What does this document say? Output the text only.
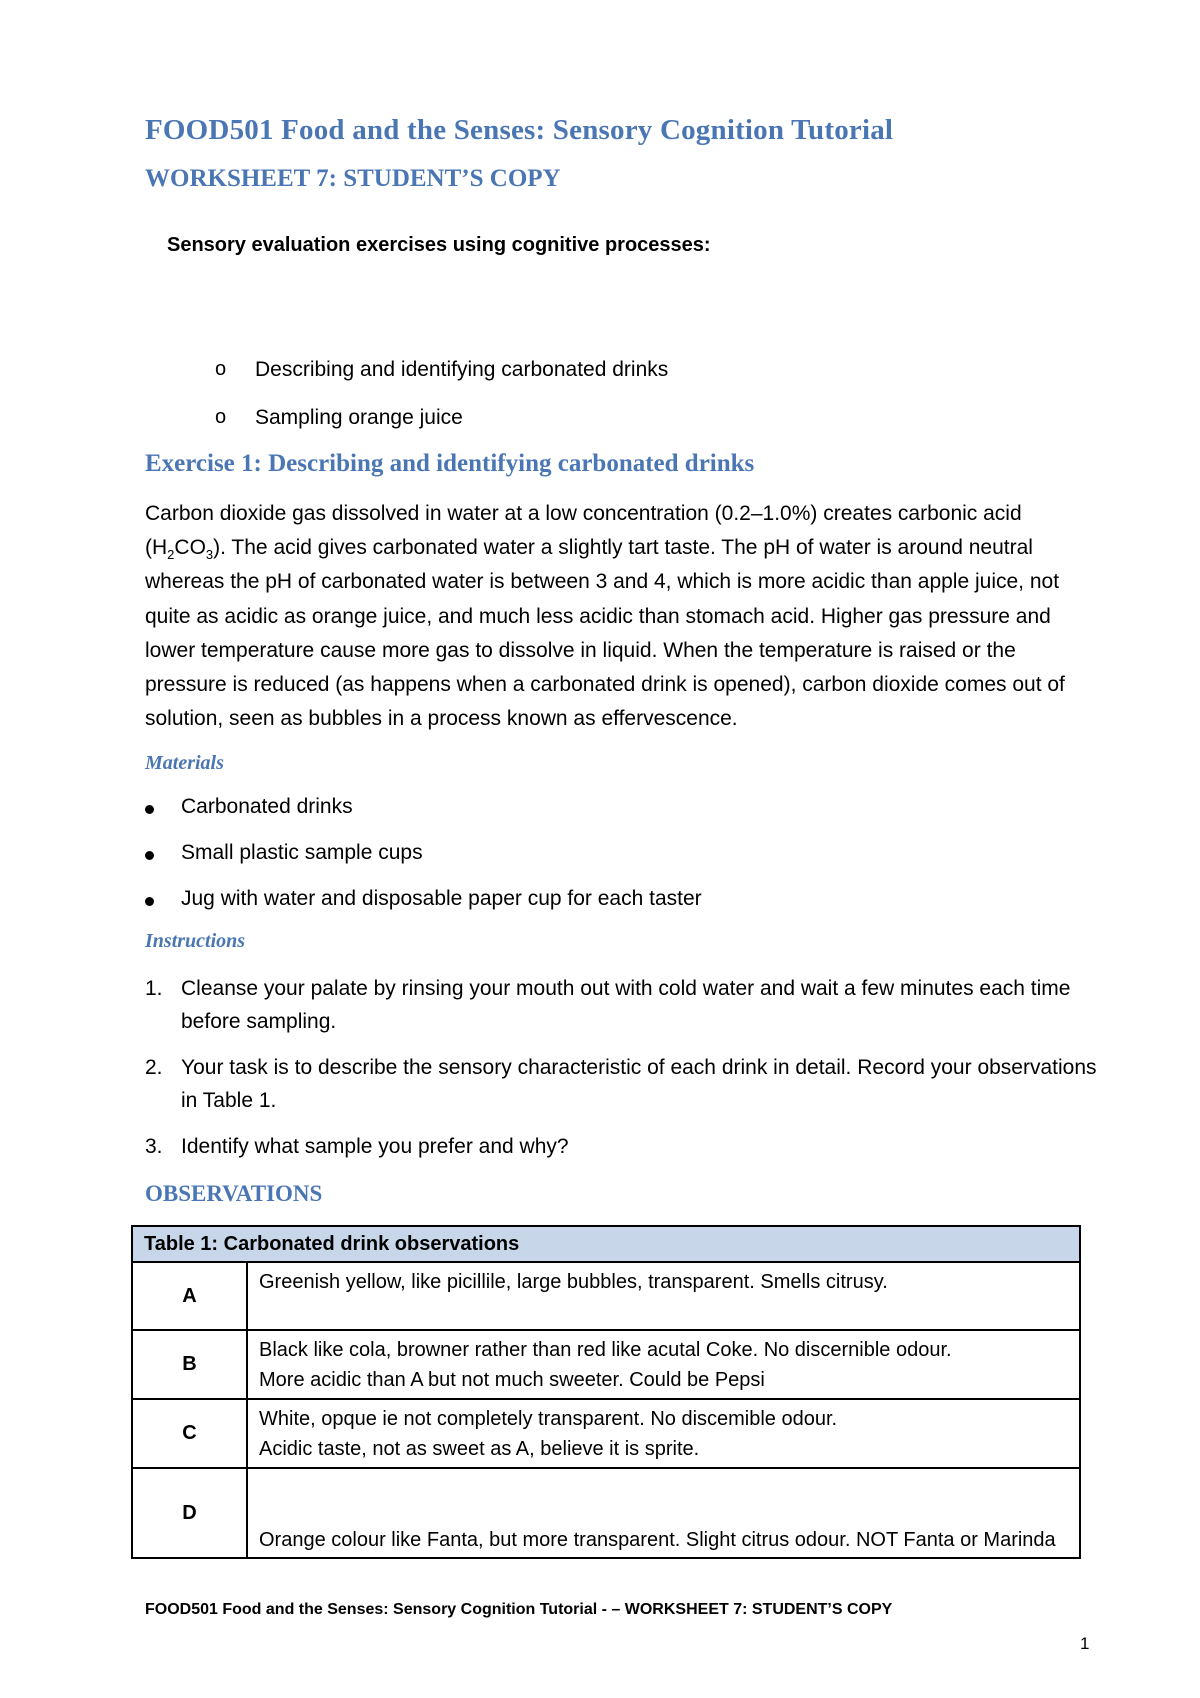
FOOD501 Food and the Senses: Sensory Cognition Tutorial
WORKSHEET 7: STUDENT’S COPY
Sensory evaluation exercises using cognitive processes:
o Describing and identifying carbonated drinks
o Sampling orange juice
Exercise 1: Describing and identifying carbonated drinks
Carbon dioxide gas dissolved in water at a low concentration (0.2–1.0%) creates carbonic acid $(H_2CO_3)$. The acid gives carbonated water a slightly tart taste. The pH of water is around neutral whereas the pH of carbonated water is between 3 and 4, which is more acidic than apple juice, not quite as acidic as orange juice, and much less acidic than stomach acid. Higher gas pressure and lower temperature cause more gas to dissolve in liquid. When the temperature is raised or the pressure is reduced (as happens when a carbonated drink is opened), carbon dioxide comes out of solution, seen as bubbles in a process known as effervescence.
Materials
Carbonated drinks
Small plastic sample cups
Jug with water and disposable paper cup for each taster
Instructions
1. Cleanse your palate by rinsing your mouth out with cold water and wait a few minutes each time before sampling.
2. Your task is to describe the sensory characteristic of each drink in detail. Record your observations in Table 1.
3. Identify what sample you prefer and why?
OBSERVATIONS
Table 1: Carbonated drink observations	
A	Greenish yellow, like picillile, large bubbles, transparent. Smells citrusy.

B	Black like cola, browner rather than red like acutal Coke. No discernible odour.
More acidic than A but not much sweeter. Could be Pepsi

C	White, opque ie not completely transparent. No discemible odour.
Acidic taste, not as sweet as A, believe it is sprite.

D	Orange colour like Fanta, but more transparent. Slight citrus odour. NOT Fanta or Marinda
FOOD501 Food and the Senses: Sensory Cognition Tutorial - – WORKSHEET 7: STUDENT’S COPY
1
